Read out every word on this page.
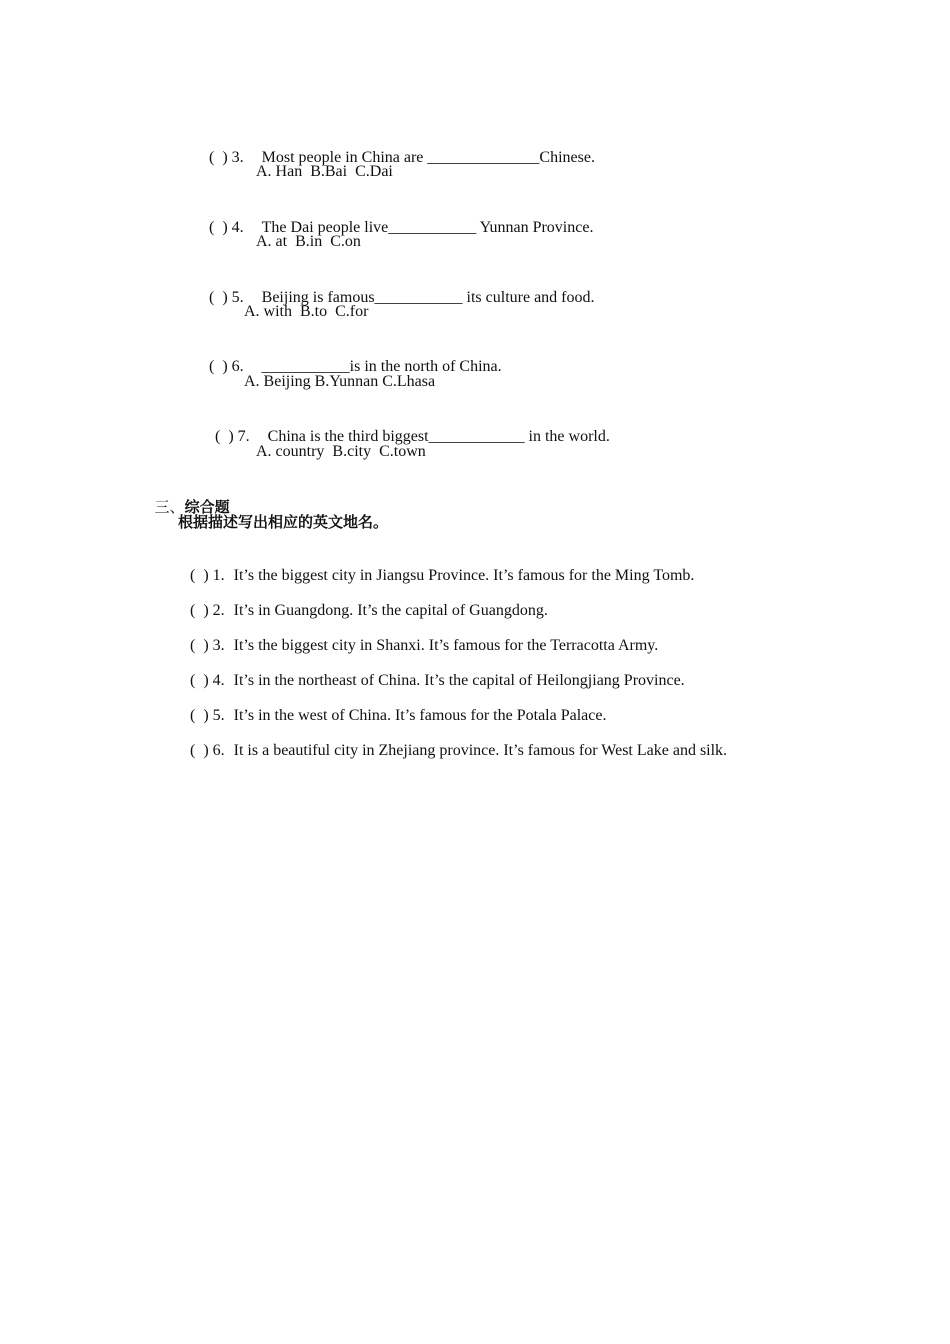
(  ) 3. Most people in China are ______________Chinese.

A. Han  B.Bai  C.Dai

(  ) 4. The Dai people live___________ Yunnan Province.

A. at  B.in  C.on

(  ) 5. Beijing is famous___________ its culture and food.

A. with  B.to  C.for

(  ) 6. ___________is in the north of China.

A. Beijing B.Yunnan C.Lhasa

(  ) 7. China is the third biggest____________ in the world.

A. country  B.city  C.town

三、综合题

根据描述写出相应的英文地名。

(  ) 1. It’s the biggest city in Jiangsu Province. It’s famous for the Ming Tomb.

(  ) 2. It’s in Guangdong. It’s the capital of Guangdong.

(  ) 3. It’s the biggest city in Shanxi. It’s famous for the Terracotta Army.

(  ) 4. It’s in the northeast of China. It’s the capital of Heilongjiang Province.

(  ) 5. It’s in the west of China. It’s famous for the Potala Palace.

(  ) 6. It is a beautiful city in Zhejiang province. It’s famous for West Lake and silk.
